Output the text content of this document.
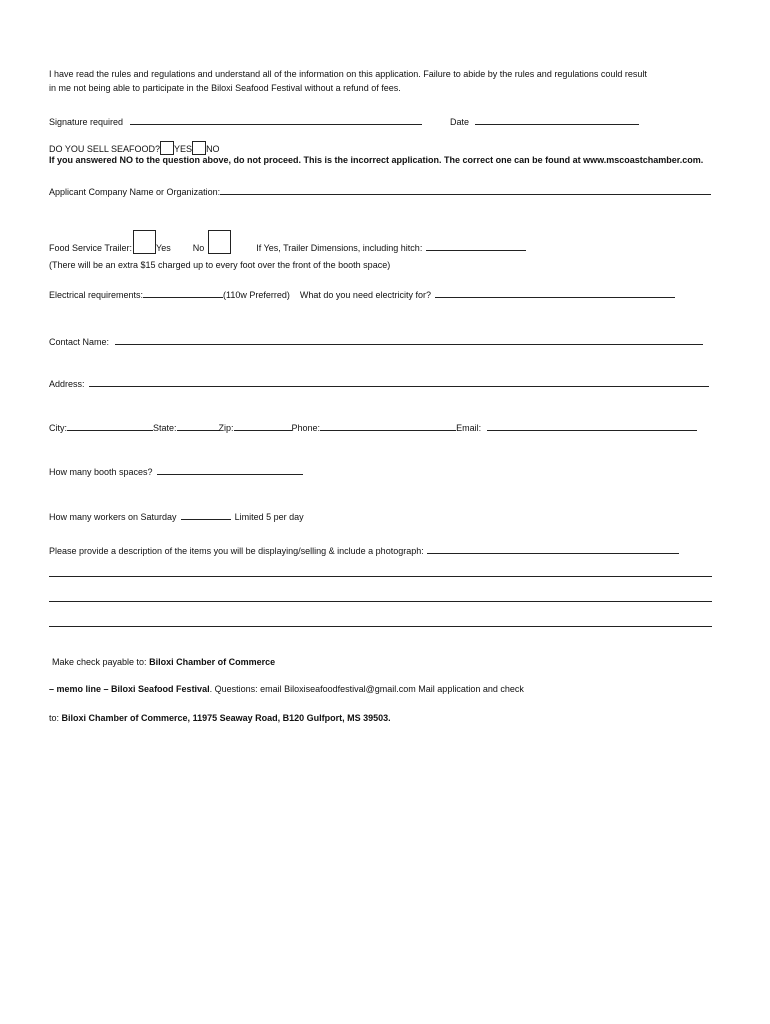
I have read the rules and regulations and understand all of the information on this application. Failure to abide by the rules and regulations could result
in me not being able to participate in the Biloxi Seafood Festival without a refund of fees.
Signature required	Date
DO YOU SELL SEAFOOD? YES NO
If you answered NO to the question above, do not proceed. This is the incorrect application. The correct one can be found at www.mscoastchamber.com.
Applicant Company Name or Organization:
Food Service Trailer:	Yes No	If Yes, Trailer Dimensions, including hitch:
(There will be an extra $15 charged up to every foot over the front of the booth space)
Electrical requirements:	(110w Preferred) What do you need electricity for?
Contact Name:
Address:
City:	State:	Zip:	Phone:	Email:
How many booth spaces?
How many workers on Saturday	Limited 5 per day
Please provide a description of the items you will be displaying/selling & include a photograph:
Make check payable to: Biloxi Chamber of Commerce
– memo line – Biloxi Seafood Festival. Questions: email Biloxiseafoodfestival@gmail.com Mail application and check
to: Biloxi Chamber of Commerce, 11975 Seaway Road, B120 Gulfport, MS 39503.
